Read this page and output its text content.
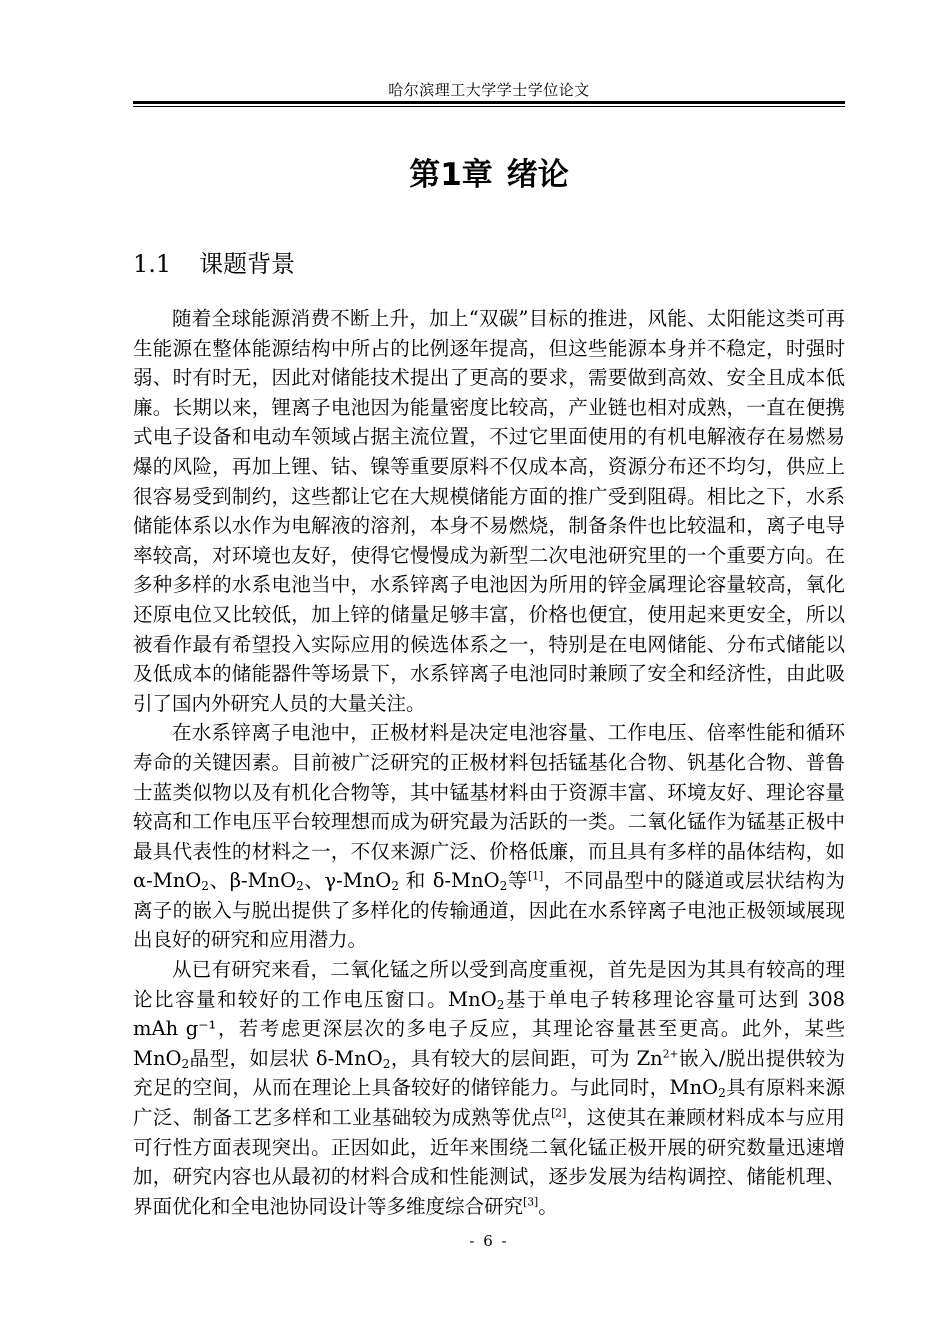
哈尔滨理工大学学士学位论文
第1章 绪论
1.1 课题背景

随着全球能源消费不断上升，加上“双碳”目标的推进，风能、太阳能这类可再生能源在整体能源结构中所占的比例逐年提高，但这些能源本身并不稳定，时强时弱、时有时无，因此对储能技术提出了更高的要求，需要做到高效、安全且成本低廉。长期以来，锂离子电池因为能量密度比较高，产业链也相对成熟，一直在便携式电子设备和电动车领域占据主流位置，不过它里面使用的有机电解液存在易燃易爆的风险，再加上锂、钴、镍等重要原料不仅成本高，资源分布还不均匀，供应上很容易受到制约，这些都让它在大规模储能方面的推广受到阻碍。相比之下，水系储能体系以水作为电解液的溶剂，本身不易燃烧，制备条件也比较温和，离子电导率较高，对环境也友好，使得它慢慢成为新型二次电池研究里的一个重要方向。在多种多样的水系电池当中，水系锌离子电池因为所用的锌金属理论容量较高，氧化还原电位又比较低，加上锌的储量足够丰富，价格也便宜，使用起来更安全，所以被看作最有希望投入实际应用的候选体系之一，特别是在电网储能、分布式储能以及低成本的储能器件等场景下，水系锌离子电池同时兼顾了安全和经济性，由此吸引了国内外研究人员的大量关注。

在水系锌离子电池中，正极材料是决定电池容量、工作电压、倍率性能和循环寿命的关键因素。目前被广泛研究的正极材料包括锰基化合物、钒基化合物、普鲁士蓝类似物以及有机化合物等，其中锰基材料由于资源丰富、环境友好、理论容量较高和工作电压平台较理想而成为研究最为活跃的一类。二氧化锰作为锰基正极中最具代表性的材料之一，不仅来源广泛、价格低廉，而且具有多样的晶体结构，如 α-MnO$_2$、β-MnO$_2$、γ-MnO$_2$ 和 δ-MnO$_2$等[1]，不同晶型中的隧道或层状结构为离子的嵌入与脱出提供了多样化的传输通道，因此在水系锌离子电池正极领域展现出良好的研究和应用潜力。

从已有研究来看，二氧化锰之所以受到高度重视，首先是因为其具有较高的理论比容量和较好的工作电压窗口。MnO$_2$基于单电子转移理论容量可达到 308 mAh g⁻¹，若考虑更深层次的多电子反应，其理论容量甚至更高。此外，某些 MnO$_2$晶型，如层状 δ-MnO$_2$，具有较大的层间距，可为 $Zn^{2+}$嵌入/脱出提供较为充足的空间，从而在理论上具备较好的储锌能力。与此同时，MnO$_2$具有原料来源广泛、制备工艺多样和工业基础较为成熟等优点[2]，这使其在兼顾材料成本与应用可行性方面表现突出。正因如此，近年来围绕二氧化锰正极开展的研究数量迅速增加，研究内容也从最初的材料合成和性能测试，逐步发展为结构调控、储能机理、界面优化和全电池协同设计等多维度综合研究[3]。

- 6 -
